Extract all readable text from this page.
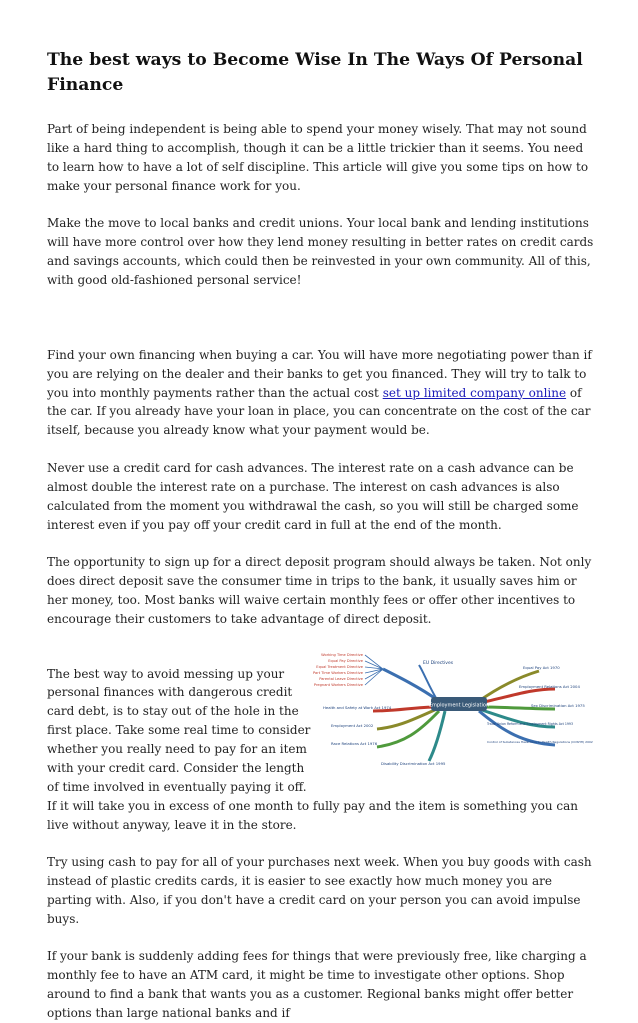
The best ways to Become Wise In The Ways Of Personal Finance

Part of being independent is being able to spend your money wisely. That may not sound like a hard thing to accomplish, though it can be a little trickier than it seems. You need to learn how to have a lot of self discipline. This article will give you some tips on how to make your personal finance work for you.

Make the move to local banks and credit unions. Your local bank and lending institutions will have more control over how they lend money resulting in better rates on credit cards and savings accounts, which could then be reinvested in your own community. All of this, with good old-fashioned personal service!

Find your own financing when buying a car. You will have more negotiating power than if you are relying on the dealer and their banks to get you financed. They will try to talk to you into monthly payments rather than the actual cost set up limited company online of the car. If you already have your loan in place, you can concentrate on the cost of the car itself, because you already know what your payment would be.

Never use a credit card for cash advances. The interest rate on a cash advance can be almost double the interest rate on a purchase. The interest on cash advances is also calculated from the moment you withdrawal the cash, so you will still be charged some interest even if you pay off your credit card in full at the end of the month.

The opportunity to sign up for a direct deposit program should always be taken. Not only does direct deposit save the consumer time in trips to the bank, it usually saves him or her money, too. Most banks will waive certain monthly fees or offer other incentives to encourage their customers to take advantage of direct deposit.

Employment Legislation
EU Directives
Working Time Directive
Equal Pay Directive
Equal Treatment Directive
Part Time Workers Directive
Parental Leave Directive
Pregnant Workers Directive
Equal Pay Act 1970
Employment Relations Act 2004
Sex Discrimination Act 1975
Trade Union Reform and Employment Rights Act 1993
Control of Substances Hazardous to Health Regulations (COSHH) 2002
Health and Safety at Work Act 1974
Employment Act 2002
Race Relations Act 1976
Disability Discrimination Act 1995

The best way to avoid messing up your personal finances with dangerous credit card debt, is to stay out of the hole in the first place. Take some real time to consider whether you really need to pay for an item with your credit card. Consider the length of time involved in eventually paying it off. If it will take you in excess of one month to fully pay and the item is something you can live without anyway, leave it in the store.

Try using cash to pay for all of your purchases next week. When you buy goods with cash instead of plastic credits cards, it is easier to see exactly how much money you are parting with. Also, if you don't have a credit card on your person you can avoid impulse buys.

If your bank is suddenly adding fees for things that were previously free, like charging a monthly fee to have an ATM card, it might be time to investigate other options. Shop around to find a bank that wants you as a customer. Regional banks might offer better options than large national banks and if
